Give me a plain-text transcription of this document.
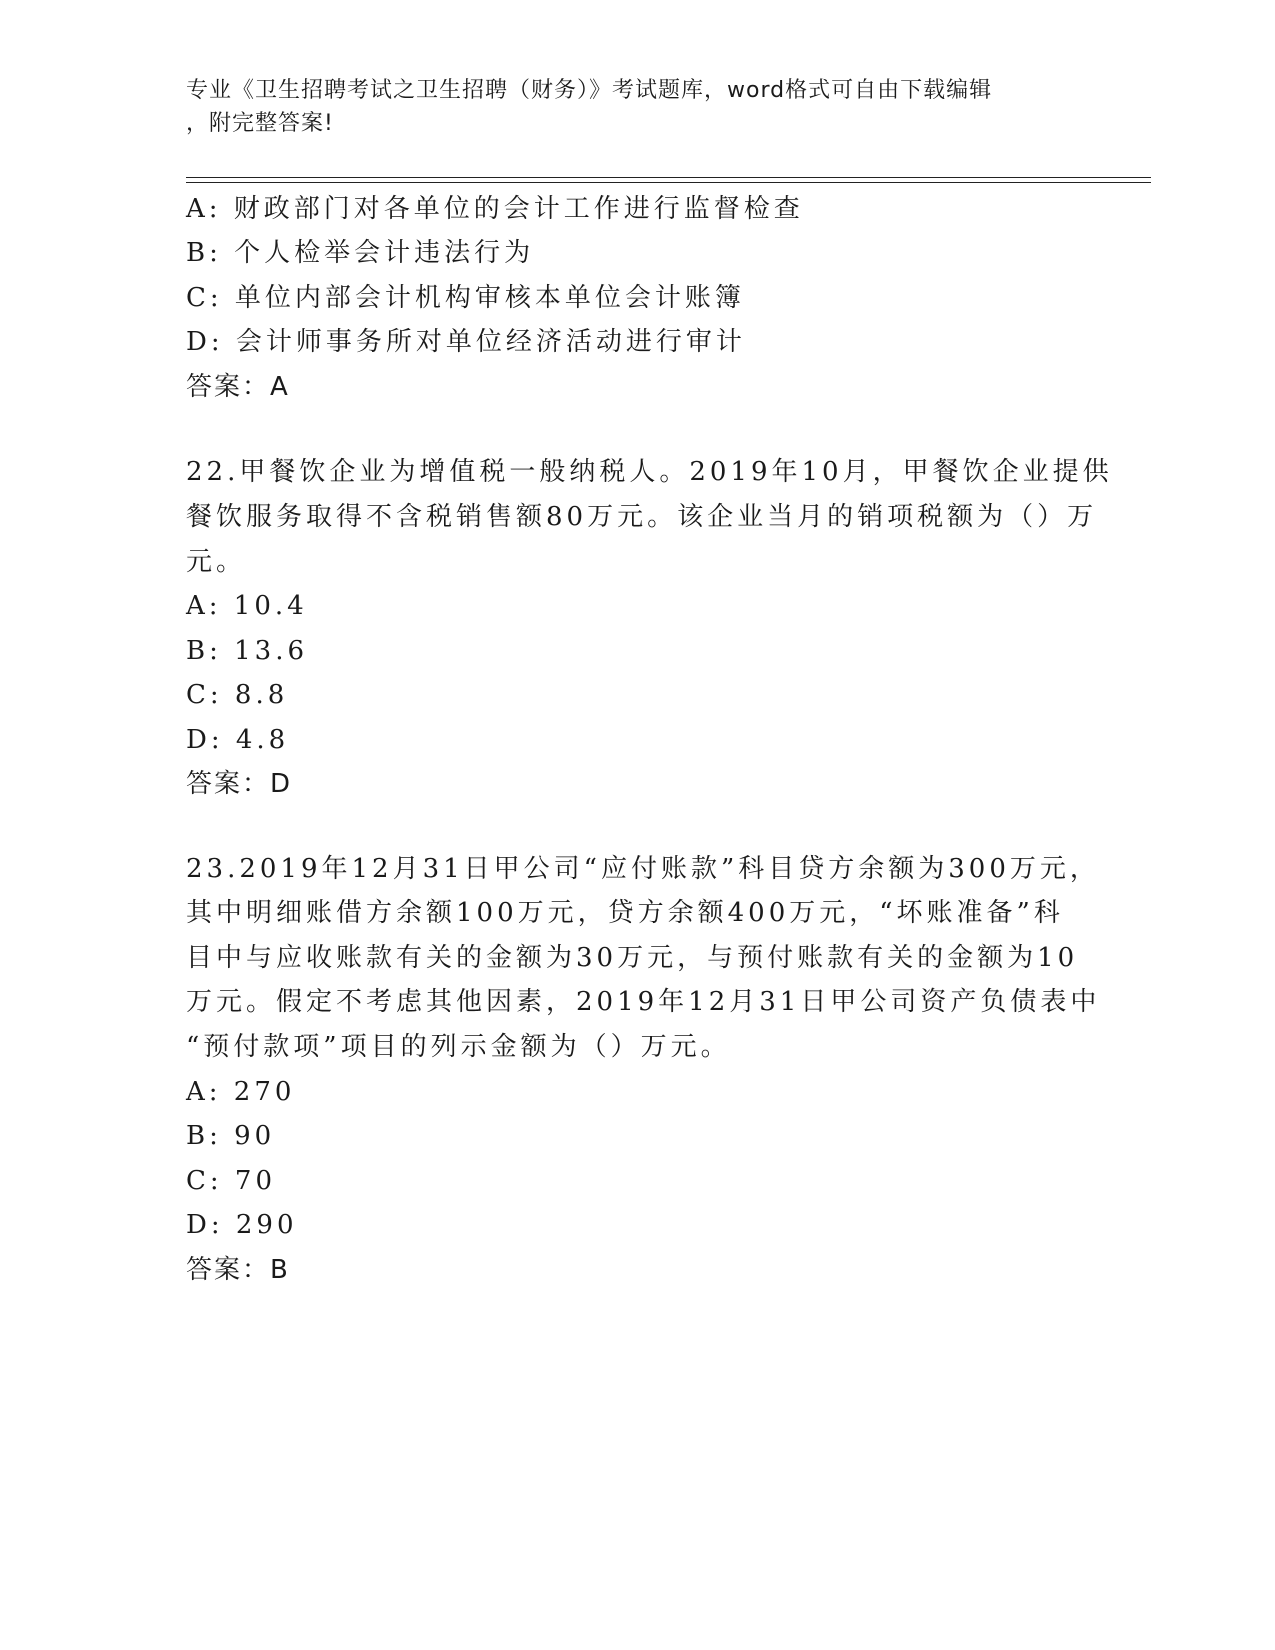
专业《卫生招聘考试之卫生招聘（财务）》考试题库，word格式可自由下载编辑
，附完整答案!
A: 财政部门对各单位的会计工作进行监督检查
B: 个人检举会计违法行为
C: 单位内部会计机构审核本单位会计账簿
D: 会计师事务所对单位经济活动进行审计
答案：A
22.甲餐饮企业为增值税一般纳税人。2019年10月，甲餐饮企业提供
餐饮服务取得不含税销售额80万元。该企业当月的销项税额为（）万
元。
A: 10.4
B: 13.6
C: 8.8
D: 4.8
答案：D
23.2019年12月31日甲公司“应付账款”科目贷方余额为300万元，
其中明细账借方余额100万元，贷方余额400万元，“坏账准备”科
目中与应收账款有关的金额为30万元，与预付账款有关的金额为10
万元。假定不考虑其他因素，2019年12月31日甲公司资产负债表中
“预付款项”项目的列示金额为（）万元。
A: 270
B: 90
C: 70
D: 290
答案：B
